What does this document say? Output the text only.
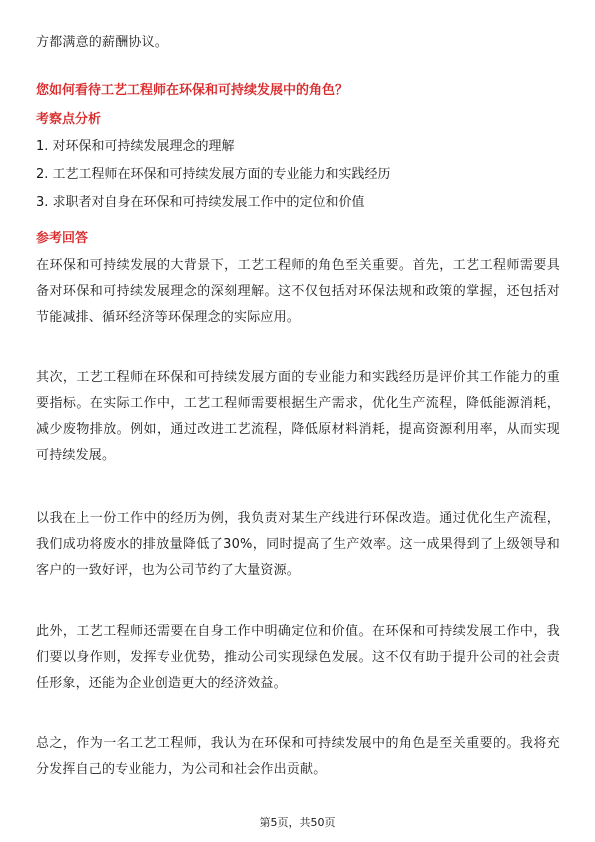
方都满意的薪酬协议。

您如何看待工艺工程师在环保和可持续发展中的角色？
考察点分析

1. 对环保和可持续发展理念的理解

2. 工艺工程师在环保和可持续发展方面的专业能力和实践经历

3. 求职者对自身在环保和可持续发展工作中的定位和价值

参考回答

在环保和可持续发展的大背景下，工艺工程师的角色至关重要。首先，工艺工程师需要具备对环保和可持续发展理念的深刻理解。这不仅包括对环保法规和政策的掌握，还包括对节能减排、循环经济等环保理念的实际应用。

其次，工艺工程师在环保和可持续发展方面的专业能力和实践经历是评价其工作能力的重要指标。在实际工作中，工艺工程师需要根据生产需求，优化生产流程，降低能源消耗，减少废物排放。例如，通过改进工艺流程，降低原材料消耗，提高资源利用率，从而实现可持续发展。

以我在上一份工作中的经历为例，我负责对某生产线进行环保改造。通过优化生产流程，我们成功将废水的排放量降低了30%，同时提高了生产效率。这一成果得到了上级领导和客户的一致好评，也为公司节约了大量资源。

此外，工艺工程师还需要在自身工作中明确定位和价值。在环保和可持续发展工作中，我们要以身作则，发挥专业优势，推动公司实现绿色发展。这不仅有助于提升公司的社会责任形象，还能为企业创造更大的经济效益。

总之，作为一名工艺工程师，我认为在环保和可持续发展中的角色是至关重要的。我将充分发挥自己的专业能力，为公司和社会作出贡献。

第5页，共50页
